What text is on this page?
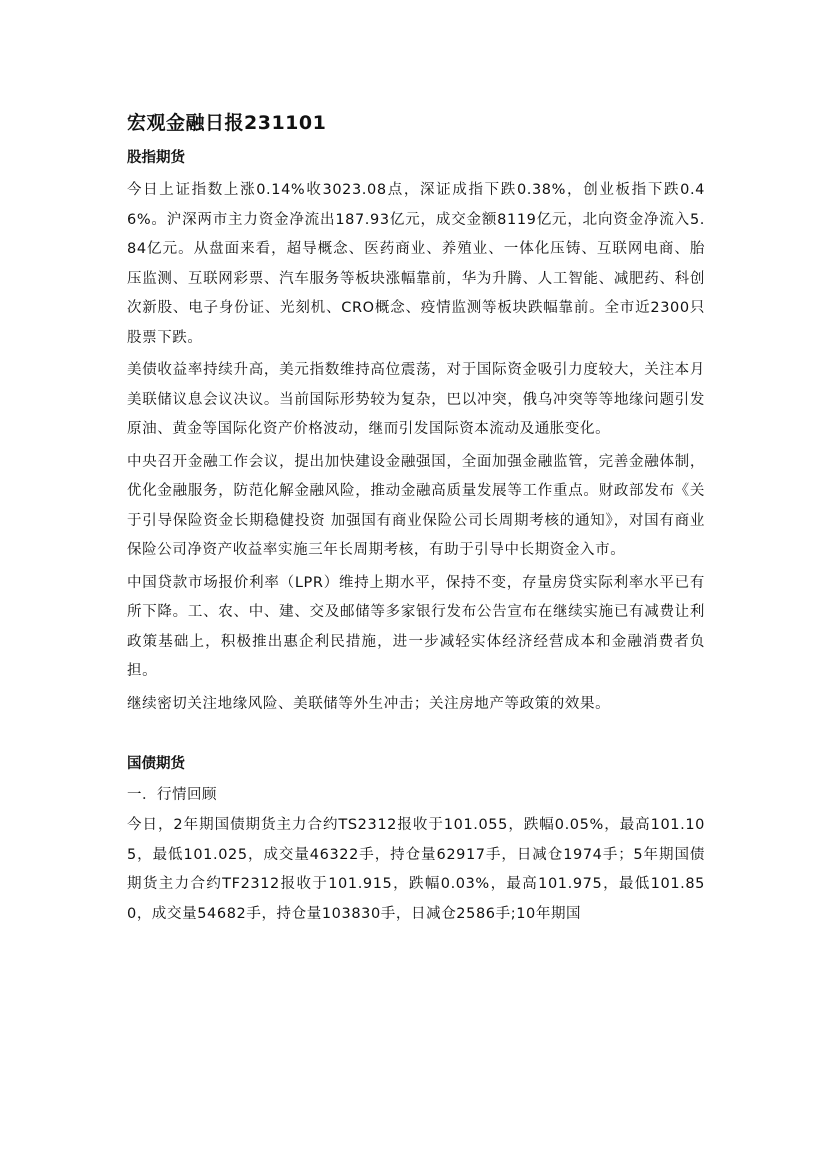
宏观金融日报231101
股指期货

今日上证指数上涨0.14%收3023.08点，深证成指下跌0.38%，创业板指下跌0.46%。沪深两市主力资金净流出187.93亿元，成交金额8119亿元，北向资金净流入5.84亿元。从盘面来看，超导概念、医药商业、养殖业、一体化压铸、互联网电商、胎压监测、互联网彩票、汽车服务等板块涨幅靠前，华为升腾、人工智能、减肥药、科创次新股、电子身份证、光刻机、CRO概念、疫情监测等板块跌幅靠前。全市近2300只股票下跌。

美债收益率持续升高，美元指数维持高位震荡，对于国际资金吸引力度较大，关注本月美联储议息会议决议。当前国际形势较为复杂，巴以冲突，俄乌冲突等等地缘问题引发原油、黄金等国际化资产价格波动，继而引发国际资本流动及通胀变化。

中央召开金融工作会议，提出加快建设金融强国，全面加强金融监管，完善金融体制，优化金融服务，防范化解金融风险，推动金融高质量发展等工作重点。财政部发布《关于引导保险资金长期稳健投资 加强国有商业保险公司长周期考核的通知》，对国有商业保险公司净资产收益率实施三年长周期考核，有助于引导中长期资金入市。

中国贷款市场报价利率（LPR）维持上期水平，保持不变，存量房贷实际利率水平已有所下降。工、农、中、建、交及邮储等多家银行发布公告宣布在继续实施已有减费让利政策基础上，积极推出惠企利民措施，进一步减轻实体经济经营成本和金融消费者负担。

继续密切关注地缘风险、美联储等外生冲击；关注房地产等政策的效果。

国债期货
一．行情回顾

今日，2年期国债期货主力合约TS2312报收于101.055，跌幅0.05%，最高101.105，最低101.025，成交量46322手，持仓量62917手，日减仓1974手；5年期国债期货主力合约TF2312报收于101.915，跌幅0.03%，最高101.975，最低101.850，成交量54682手，持仓量103830手，日减仓2586手;10年期国
